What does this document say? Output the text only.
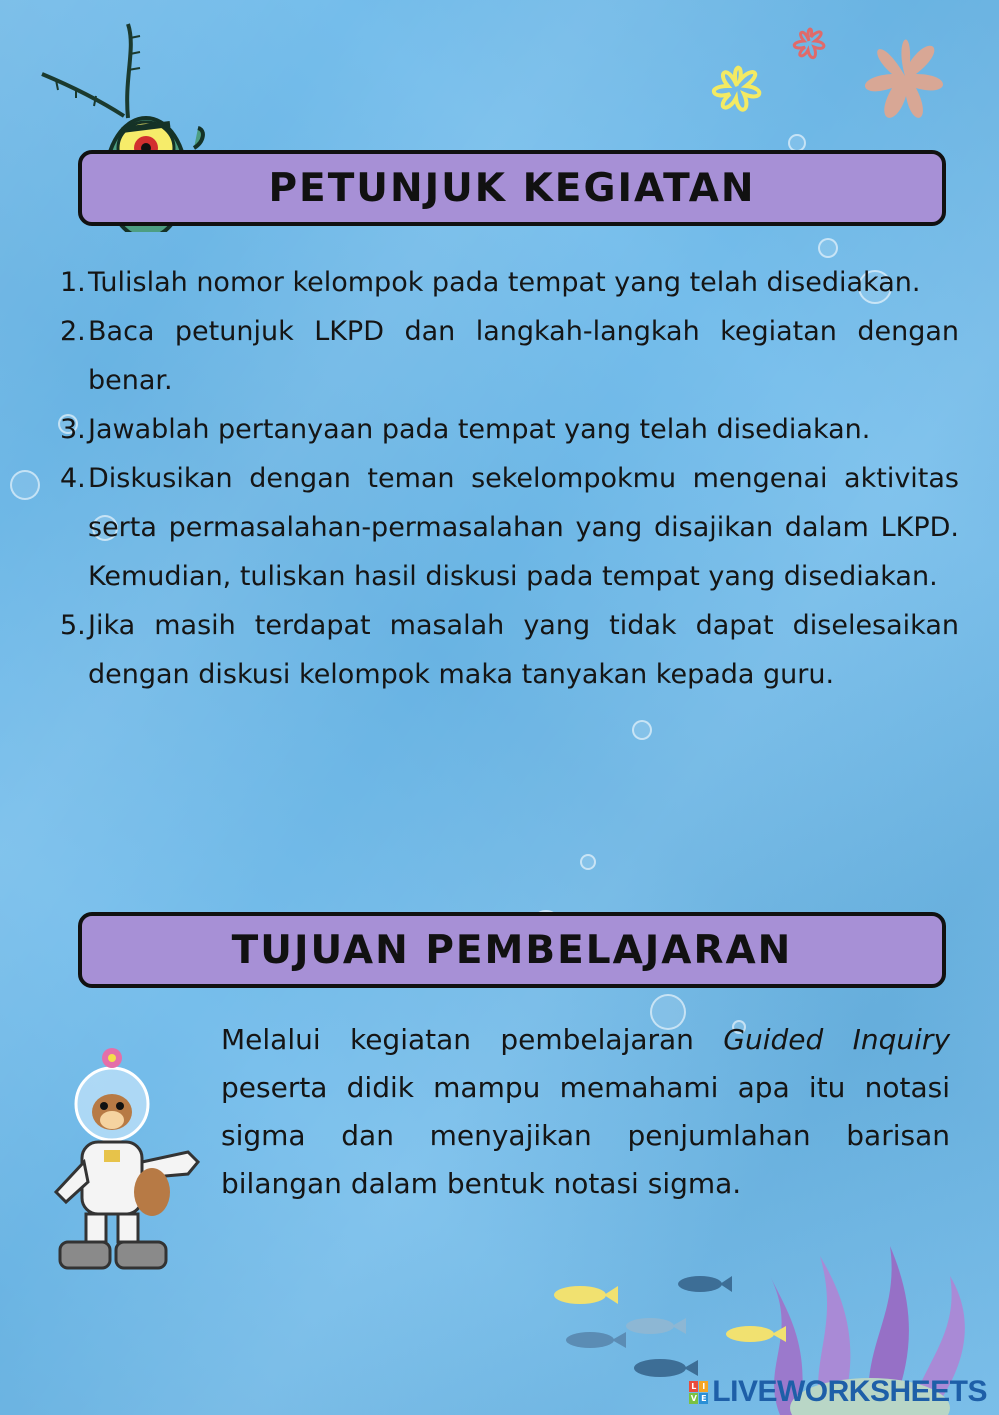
PETUNJUK KEGIATAN
1. Tulislah nomor kelompok pada tempat yang telah disediakan.
2. Baca petunjuk LKPD dan langkah-langkah kegiatan dengan benar.
3. Jawablah pertanyaan pada tempat yang telah disediakan.
4. Diskusikan dengan teman sekelompokmu mengenai aktivitas serta permasalahan-permasalahan yang disajikan dalam LKPD. Kemudian, tuliskan hasil diskusi pada tempat yang disediakan.
5. Jika masih terdapat masalah yang tidak dapat diselesaikan dengan diskusi kelompok maka tanyakan kepada guru.
TUJUAN PEMBELAJARAN

Melalui kegiatan pembelajaran Guided Inquiry peserta didik mampu memahami apa itu notasi sigma dan menyajikan penjumlahan barisan bilangan dalam bentuk notasi sigma.

L I
V E LIVEWORKSHEETS
